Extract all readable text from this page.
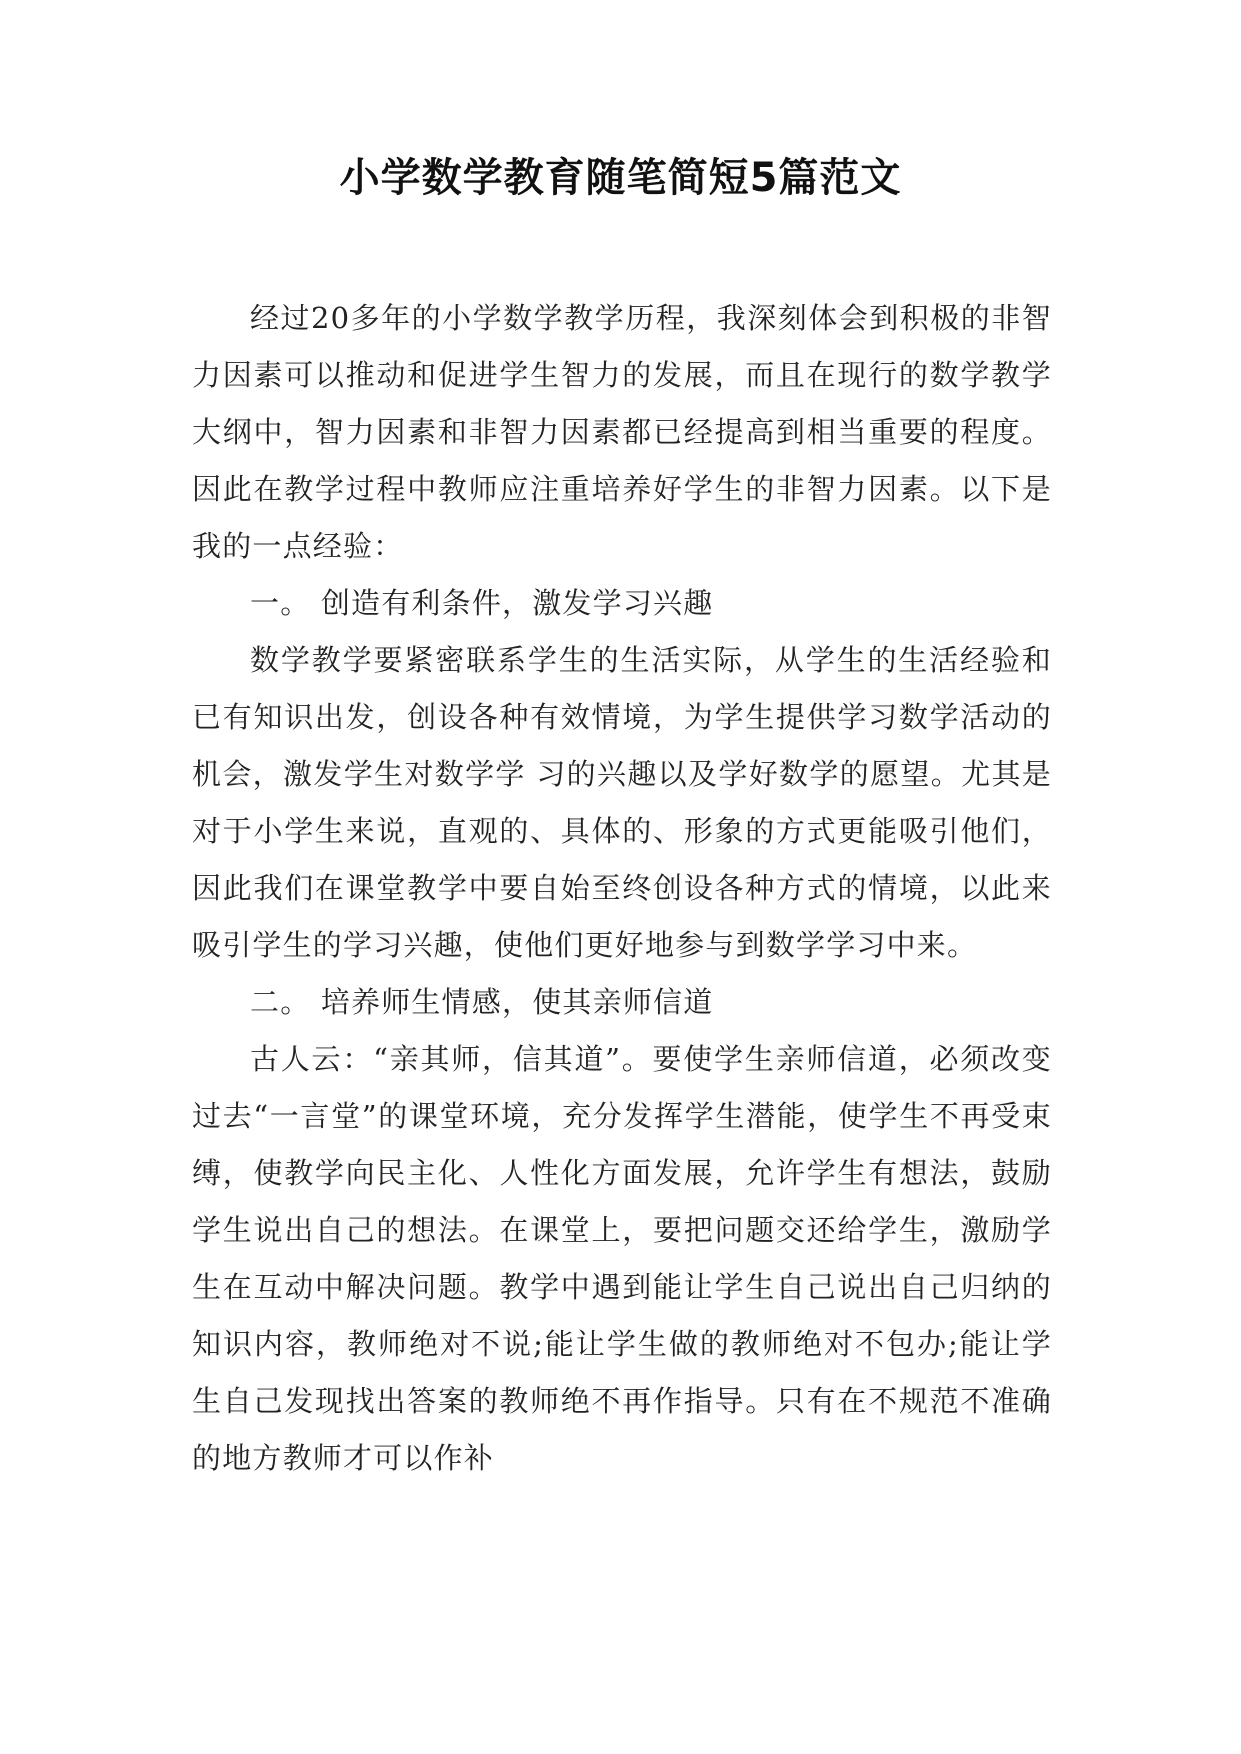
小学数学教育随笔简短5篇范文

经过20多年的小学数学教学历程，我深刻体会到积极的非智力因素可以推动和促进学生智力的发展，而且在现行的数学教学大纲中，智力因素和非智力因素都已经提高到相当重要的程度。因此在教学过程中教师应注重培养好学生的非智力因素。以下是我的一点经验：

一。 创造有利条件，激发学习兴趣

数学教学要紧密联系学生的生活实际，从学生的生活经验和已有知识出发，创设各种有效情境，为学生提供学习数学活动的机会，激发学生对数学学 习的兴趣以及学好数学的愿望。尤其是对于小学生来说，直观的、具体的、形象的方式更能吸引他们，因此我们在课堂教学中要自始至终创设各种方式的情境，以此来吸引学生的学习兴趣，使他们更好地参与到数学学习中来。

二。 培养师生情感，使其亲师信道

古人云：“亲其师，信其道”。要使学生亲师信道，必须改变过去“一言堂”的课堂环境，充分发挥学生潜能，使学生不再受束缚，使教学向民主化、人性化方面发展，允许学生有想法，鼓励学生说出自己的想法。在课堂上，要把问题交还给学生，激励学生在互动中解决问题。教学中遇到能让学生自己说出自己归纳的知识内容，教师绝对不说;能让学生做的教师绝对不包办;能让学生自己发现找出答案的教师绝不再作指导。只有在不规范不准确的地方教师才可以作补
